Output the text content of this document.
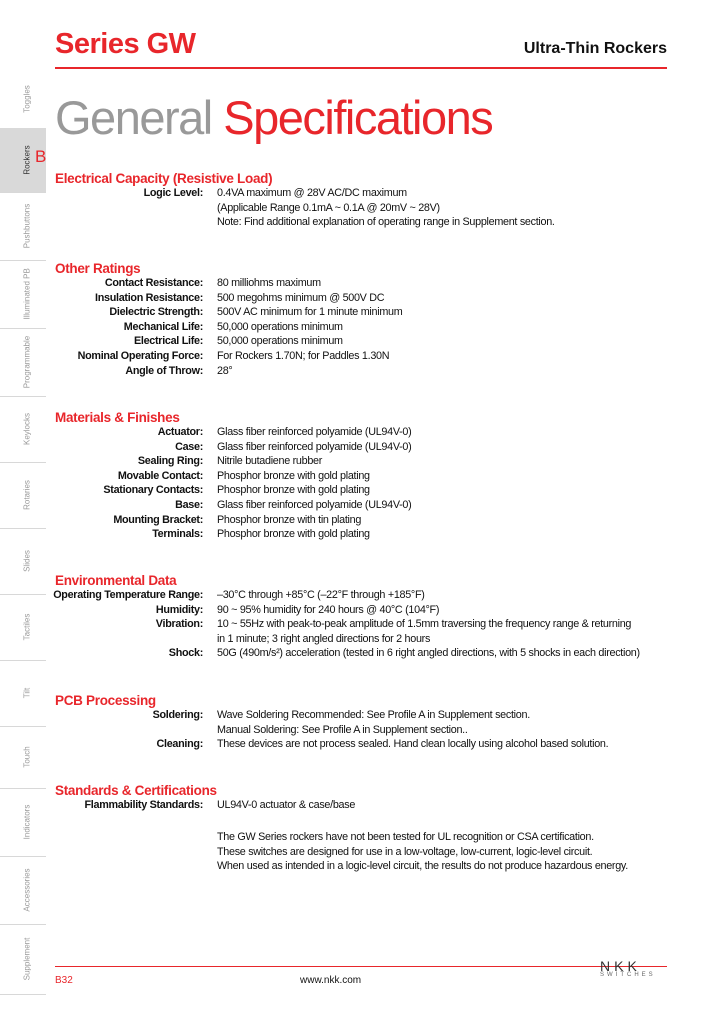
Series GW	Ultra-Thin Rockers
General Specifications
Toggles
Rockers
Pushbuttons
Illuminated PB
Programmable
Keylocks
Rotaries
Slides
Tactiles
Tilt
Touch
Indicators
Accessories
Supplement
B
Electrical Capacity (Resistive Load)
Logic Level: 0.4VA maximum @ 28V AC/DC maximum
(Applicable Range 0.1mA ~ 0.1A @ 20mV ~ 28V)
Note: Find additional explanation of operating range in Supplement section.
Other Ratings
Contact Resistance: 80 milliohms maximum
Insulation Resistance: 500 megohms minimum @ 500V DC
Dielectric Strength: 500V AC minimum for 1 minute minimum
Mechanical Life: 50,000 operations minimum
Electrical Life: 50,000 operations minimum
Nominal Operating Force: For Rockers 1.70N; for Paddles 1.30N
Angle of Throw: 28°
Materials & Finishes
Actuator: Glass fiber reinforced polyamide (UL94V-0)
Case: Glass fiber reinforced polyamide (UL94V-0)
Sealing Ring: Nitrile butadiene rubber
Movable Contact: Phosphor bronze with gold plating
Stationary Contacts: Phosphor bronze with gold plating
Base: Glass fiber reinforced polyamide (UL94V-0)
Mounting Bracket: Phosphor bronze with tin plating
Terminals: Phosphor bronze with gold plating
Environmental Data
Operating Temperature Range: –30°C through +85°C (–22°F through +185°F)
Humidity: 90 ~ 95% humidity for 240 hours @ 40°C (104°F)
Vibration: 10 ~ 55Hz with peak-to-peak amplitude of 1.5mm traversing the frequency range & returning
in 1 minute; 3 right angled directions for 2 hours
Shock: 50G (490m/s²) acceleration (tested in 6 right angled directions, with 5 shocks in each direction)
PCB Processing
Soldering: Wave Soldering Recommended: See Profile A in Supplement section.
Manual Soldering: See Profile A in Supplement section..
Cleaning: These devices are not process sealed. Hand clean locally using alcohol based solution.
Standards & Certifications
Flammability Standards: UL94V-0 actuator & case/base
The GW Series rockers have not been tested for UL recognition or CSA certification.
These switches are designed for use in a low-voltage, low-current, logic-level circuit.
When used as intended in a logic-level circuit, the results do not produce hazardous energy.
B32	www.nkk.com
NKK
SWITCHES
